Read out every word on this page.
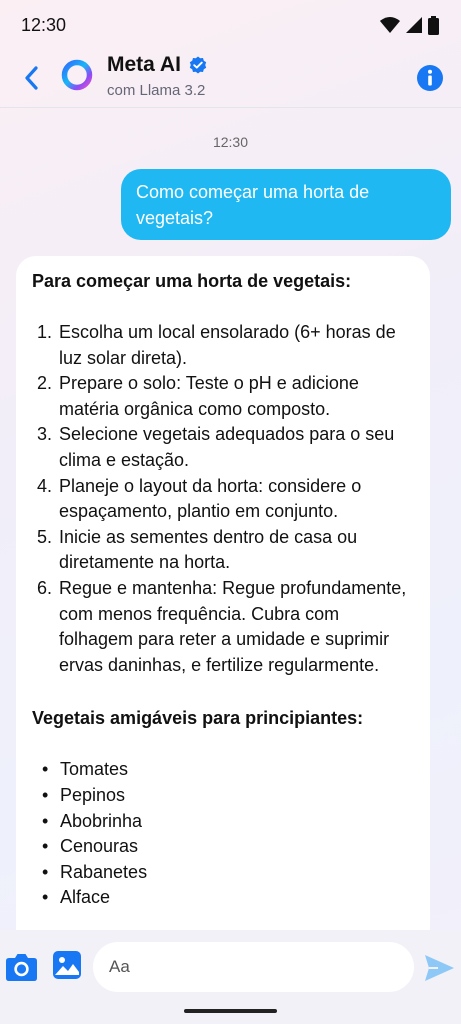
12:30
Meta AI
com Llama 3.2
12:30
Como começar uma horta de vegetais?
Para começar uma horta de vegetais:
1. Escolha um local ensolarado (6+ horas de luz solar direta).
2. Prepare o solo: Teste o pH e adicione matéria orgânica como composto.
3. Selecione vegetais adequados para o seu clima e estação.
4. Planeje o layout da horta: considere o espaçamento, plantio em conjunto.
5. Inicie as sementes dentro de casa ou diretamente na horta.
6. Regue e mantenha: Regue profundamente, com menos frequência. Cubra com folhagem para reter a umidade e suprimir ervas daninhas, e fertilize regularmente.
Vegetais amigáveis para principiantes:
• Tomates
• Pepinos
• Abobrinha
• Cenouras
• Rabanetes
• Alface
Aa
